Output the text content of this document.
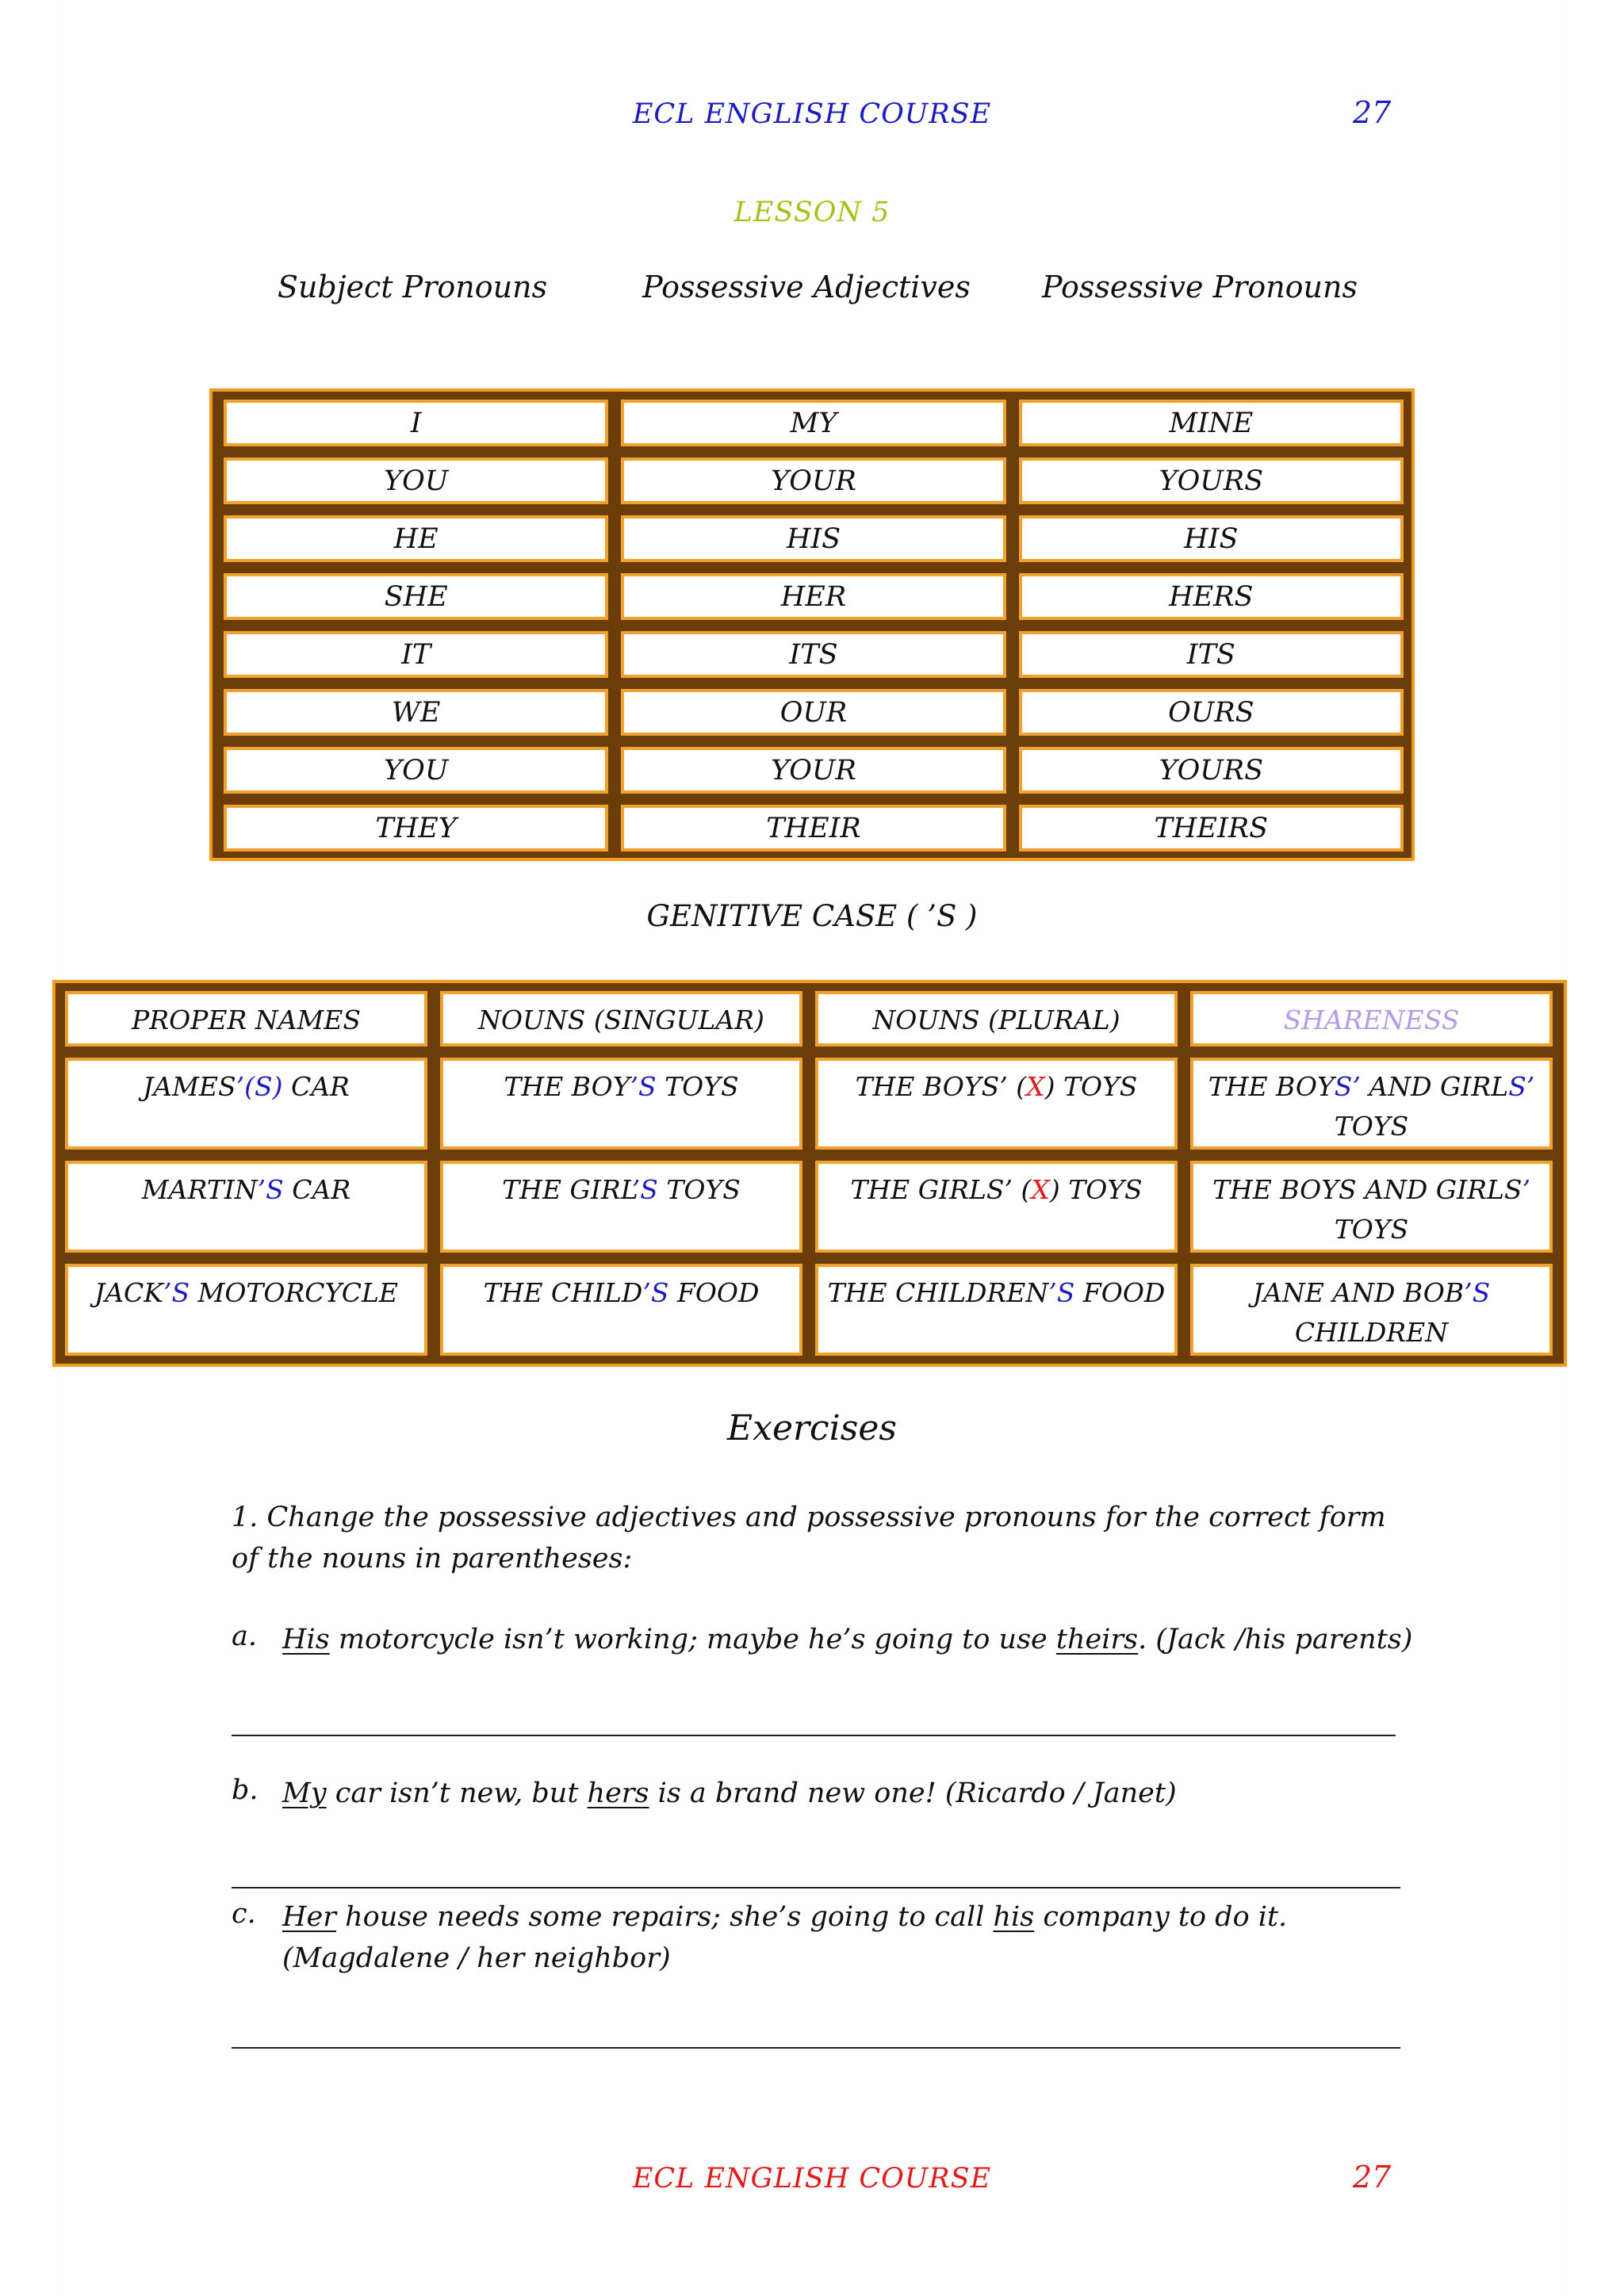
ECL ENGLISH COURSE	27
LESSON 5
Subject Pronouns	Possessive Adjectives	Possessive Pronouns
I	MY	MINE
YOU	YOUR	YOURS
HE	HIS	HIS
SHE	HER	HERS
IT	ITS	ITS
WE	OUR	OURS
YOU	YOUR	YOURS
THEY	THEIR	THEIRS
GENITIVE CASE ( ’S )
PROPER NAMES	NOUNS (SINGULAR)	NOUNS (PLURAL)	SHARENESS
JAMES’(S) CAR	THE BOY’S TOYS	THE BOYS’ (X) TOYS	THE BOYS’ AND GIRLS’ TOYS
MARTIN’S CAR	THE GIRL’S TOYS	THE GIRLS’ (X) TOYS	THE BOYS AND GIRLS’ TOYS
JACK’S MOTORCYCLE	THE CHILD’S FOOD	THE CHILDREN’S FOOD	JANE AND BOB’S CHILDREN
Exercises
1. Change the possessive adjectives and possessive pronouns for the correct form of the nouns in parentheses:
a. His motorcycle isn’t working; maybe he’s going to use theirs. (Jack /his parents)
b. My car isn’t new, but hers is a brand new one! (Ricardo / Janet)
c. Her house needs some repairs; she’s going to call his company to do it. (Magdalene / her neighbor)
ECL ENGLISH COURSE	27
